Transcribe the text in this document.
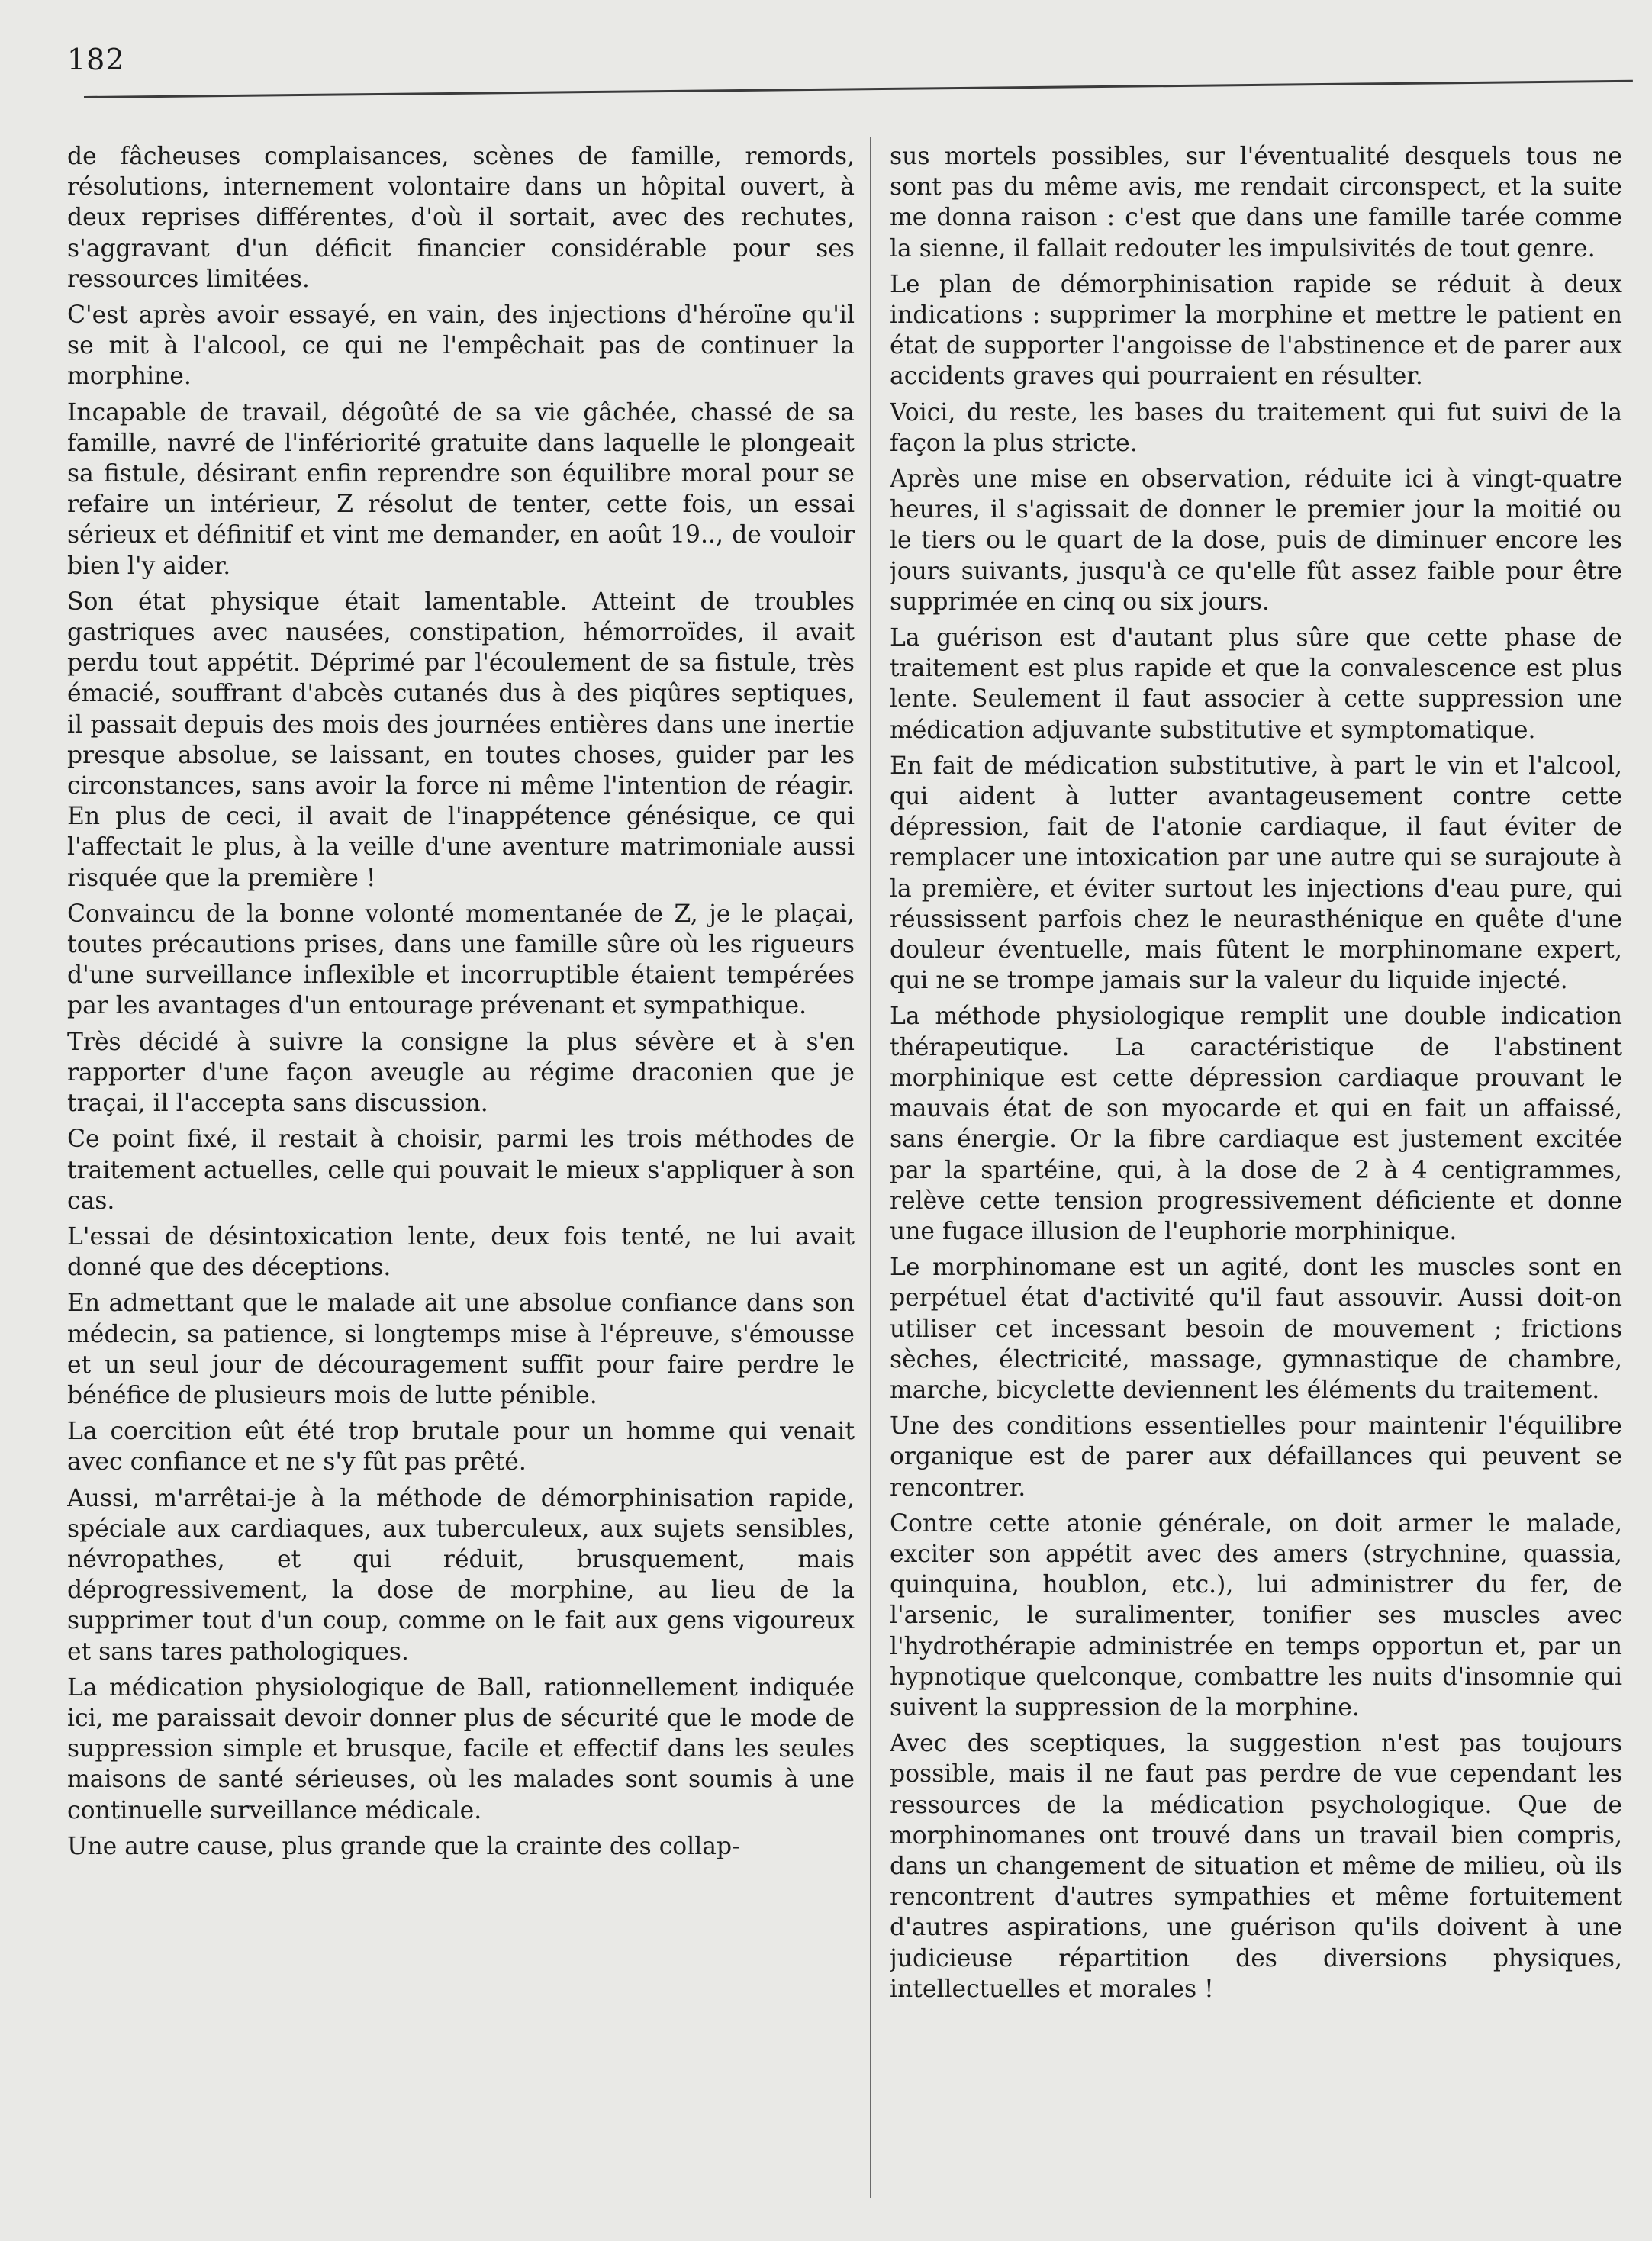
182

de fâcheuses complaisances, scènes de famille, remords, résolutions, internement volontaire dans un hôpital ouvert, à deux reprises différentes, d'où il sortait, avec des rechutes, s'aggravant d'un déficit financier considérable pour ses ressources limitées.

C'est après avoir essayé, en vain, des injections d'héroïne qu'il se mit à l'alcool, ce qui ne l'empêchait pas de continuer la morphine.

Incapable de travail, dégoûté de sa vie gâchée, chassé de sa famille, navré de l'infériorité gratuite dans laquelle le plongeait sa fistule, désirant enfin reprendre son équilibre moral pour se refaire un intérieur, Z résolut de tenter, cette fois, un essai sérieux et définitif et vint me demander, en août 19.., de vouloir bien l'y aider.

Son état physique était lamentable. Atteint de troubles gastriques avec nausées, constipation, hémorroïdes, il avait perdu tout appétit. Déprimé par l'écoulement de sa fistule, très émacié, souffrant d'abcès cutanés dus à des piqûres septiques, il passait depuis des mois des journées entières dans une inertie presque absolue, se laissant, en toutes choses, guider par les circonstances, sans avoir la force ni même l'intention de réagir. En plus de ceci, il avait de l'inappétence génésique, ce qui l'affectait le plus, à la veille d'une aventure matrimoniale aussi risquée que la première !

Convaincu de la bonne volonté momentanée de Z, je le plaçai, toutes précautions prises, dans une famille sûre où les rigueurs d'une surveillance inflexible et incorruptible étaient tempérées par les avantages d'un entourage prévenant et sympathique.

Très décidé à suivre la consigne la plus sévère et à s'en rapporter d'une façon aveugle au régime draconien que je traçai, il l'accepta sans discussion.

Ce point fixé, il restait à choisir, parmi les trois méthodes de traitement actuelles, celle qui pouvait le mieux s'appliquer à son cas.

L'essai de désintoxication lente, deux fois tenté, ne lui avait donné que des déceptions.

En admettant que le malade ait une absolue confiance dans son médecin, sa patience, si longtemps mise à l'épreuve, s'émousse et un seul jour de découragement suffit pour faire perdre le bénéfice de plusieurs mois de lutte pénible.

La coercition eût été trop brutale pour un homme qui venait avec confiance et ne s'y fût pas prêté.

Aussi, m'arrêtai-je à la méthode de démorphinisation rapide, spéciale aux cardiaques, aux tuberculeux, aux sujets sensibles, névropathes, et qui réduit, brusquement, mais déprogressivement, la dose de morphine, au lieu de la supprimer tout d'un coup, comme on le fait aux gens vigoureux et sans tares pathologiques.

La médication physiologique de Ball, rationnellement indiquée ici, me paraissait devoir donner plus de sécurité que le mode de suppression simple et brusque, facile et effectif dans les seules maisons de santé sérieuses, où les malades sont soumis à une continuelle surveillance médicale.

Une autre cause, plus grande que la crainte des collap-

sus mortels possibles, sur l'éventualité desquels tous ne sont pas du même avis, me rendait circonspect, et la suite me donna raison : c'est que dans une famille tarée comme la sienne, il fallait redouter les impulsivités de tout genre.

Le plan de démorphinisation rapide se réduit à deux indications : supprimer la morphine et mettre le patient en état de supporter l'angoisse de l'abstinence et de parer aux accidents graves qui pourraient en résulter.

Voici, du reste, les bases du traitement qui fut suivi de la façon la plus stricte.

Après une mise en observation, réduite ici à vingt-quatre heures, il s'agissait de donner le premier jour la moitié ou le tiers ou le quart de la dose, puis de diminuer encore les jours suivants, jusqu'à ce qu'elle fût assez faible pour être supprimée en cinq ou six jours.

La guérison est d'autant plus sûre que cette phase de traitement est plus rapide et que la convalescence est plus lente. Seulement il faut associer à cette suppression une médication adjuvante substitutive et symptomatique.

En fait de médication substitutive, à part le vin et l'alcool, qui aident à lutter avantageusement contre cette dépression, fait de l'atonie cardiaque, il faut éviter de remplacer une intoxication par une autre qui se surajoute à la première, et éviter surtout les injections d'eau pure, qui réussissent parfois chez le neurasthénique en quête d'une douleur éventuelle, mais fûtent le morphinomane expert, qui ne se trompe jamais sur la valeur du liquide injecté.

La méthode physiologique remplit une double indication thérapeutique. La caractéristique de l'abstinent morphinique est cette dépression cardiaque prouvant le mauvais état de son myocarde et qui en fait un affaissé, sans énergie. Or la fibre cardiaque est justement excitée par la spartéine, qui, à la dose de 2 à 4 centigrammes, relève cette tension progressivement déficiente et donne une fugace illusion de l'euphorie morphinique.

Le morphinomane est un agité, dont les muscles sont en perpétuel état d'activité qu'il faut assouvir. Aussi doit-on utiliser cet incessant besoin de mouvement ; frictions sèches, électricité, massage, gymnastique de chambre, marche, bicyclette deviennent les éléments du traitement.

Une des conditions essentielles pour maintenir l'équilibre organique est de parer aux défaillances qui peuvent se rencontrer.

Contre cette atonie générale, on doit armer le malade, exciter son appétit avec des amers (strychnine, quassia, quinquina, houblon, etc.), lui administrer du fer, de l'arsenic, le suralimenter, tonifier ses muscles avec l'hydrothérapie administrée en temps opportun et, par un hypnotique quelconque, combattre les nuits d'insomnie qui suivent la suppression de la morphine.

Avec des sceptiques, la suggestion n'est pas toujours possible, mais il ne faut pas perdre de vue cependant les ressources de la médication psychologique. Que de morphinomanes ont trouvé dans un travail bien compris, dans un changement de situation et même de milieu, où ils rencontrent d'autres sympathies et même fortuitement d'autres aspirations, une guérison qu'ils doivent à une judicieuse répartition des diversions physiques, intellectuelles et morales !
